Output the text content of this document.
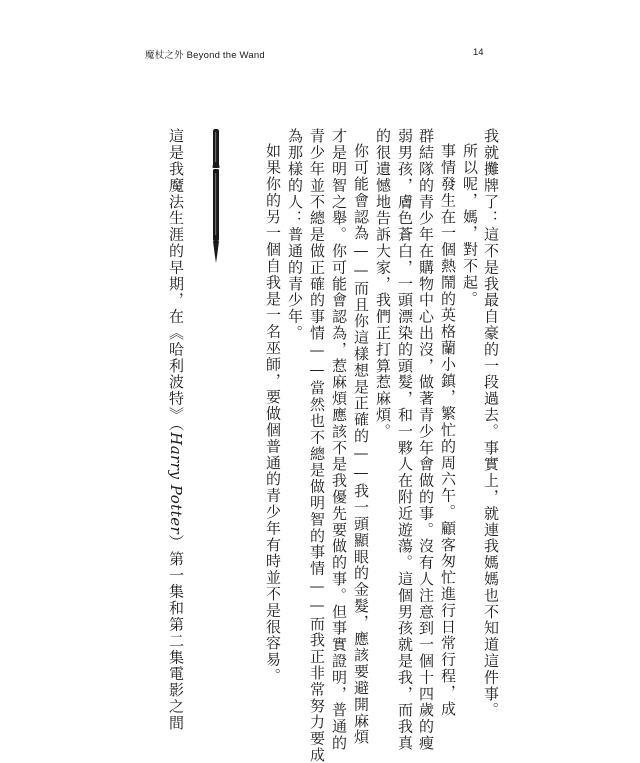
魔杖之外 Beyond the Wand	14
我就攤牌了：這不是我最自豪的一段過去。事實上，就連我媽媽也不知道這件事。
所以呢，媽，對不起。
事情發生在一個熱鬧的英格蘭小鎮，繁忙的周六午。顧客匆忙進行日常行程，成
群結隊的青少年在購物中心出沒，做著青少年會做的事。沒有人注意到一個十四歲的瘦
弱男孩，膚色蒼白，一頭漂染的頭髮，和一夥人在附近遊蕩。這個男孩就是我，而我真
的很遺憾地告訴大家，我們正打算惹麻煩。
你可能會認為——而且你這樣想是正確的——我一頭顯眼的金髮，應該要避開麻煩
才是明智之舉。你可能會認為，惹麻煩應該不是我優先要做的事。但事實證明，普通的
青少年並不總是做正確的事情——當然也不總是做明智的事情——而我正非常努力要成
為那樣的人：普通的青少年。
如果你的另一個自我是一名巫師，要做個普通的青少年有時並不是很容易。
這是我魔法生涯的早期，在《哈利波特》（Harry Potter）第一集和第二集電影之間
